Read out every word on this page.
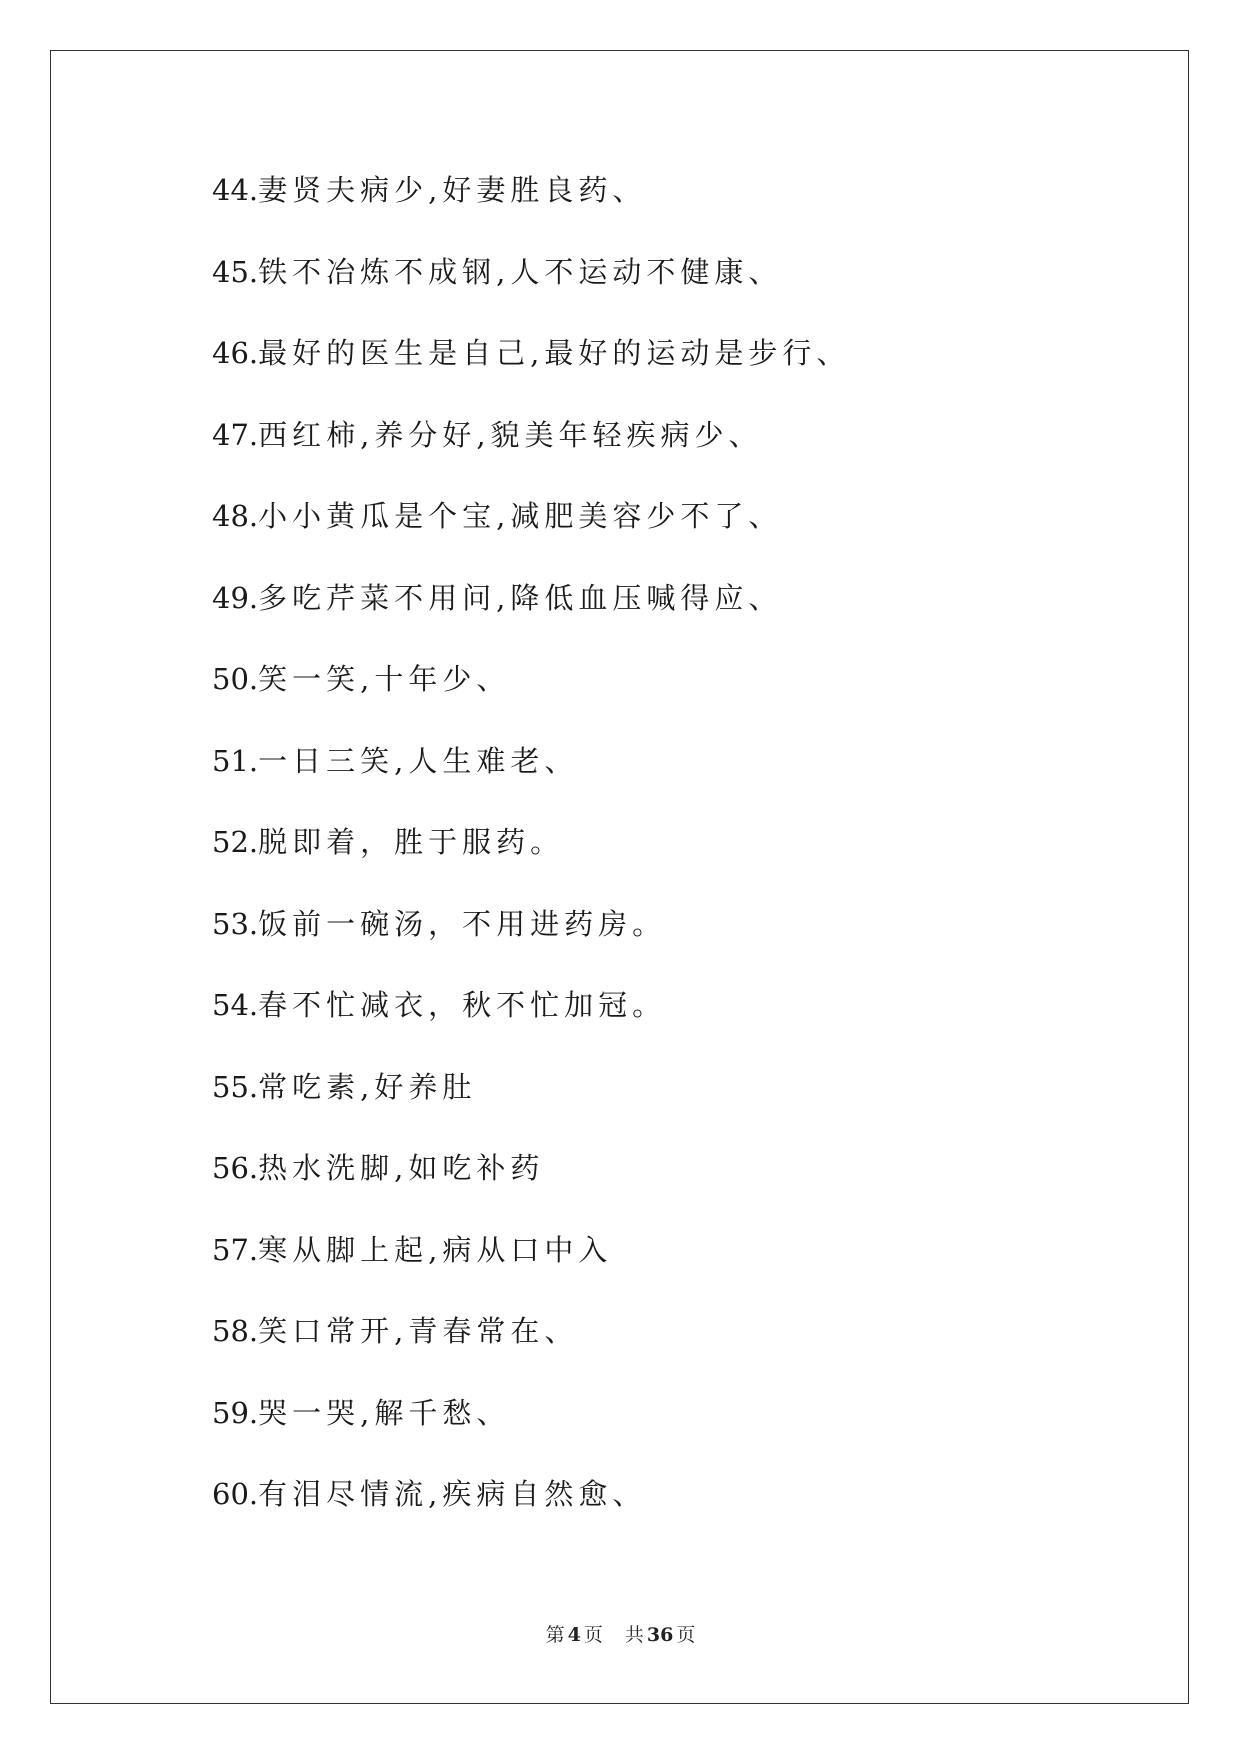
44.妻贤夫病少,好妻胜良药、
45.铁不冶炼不成钢,人不运动不健康、
46.最好的医生是自己,最好的运动是步行、
47.西红柿,养分好,貌美年轻疾病少、
48.小小黄瓜是个宝,减肥美容少不了、
49.多吃芹菜不用问,降低血压喊得应、
50.笑一笑,十年少、
51.一日三笑,人生难老、
52.脱即着，胜于服药。
53.饭前一碗汤，不用进药房。
54.春不忙减衣，秋不忙加冠。
55.常吃素,好养肚
56.热水洗脚,如吃补药
57.寒从脚上起,病从口中入
58.笑口常开,青春常在、
59.哭一哭,解千愁、
60.有泪尽情流,疾病自然愈、
第 4 页 共 36 页
